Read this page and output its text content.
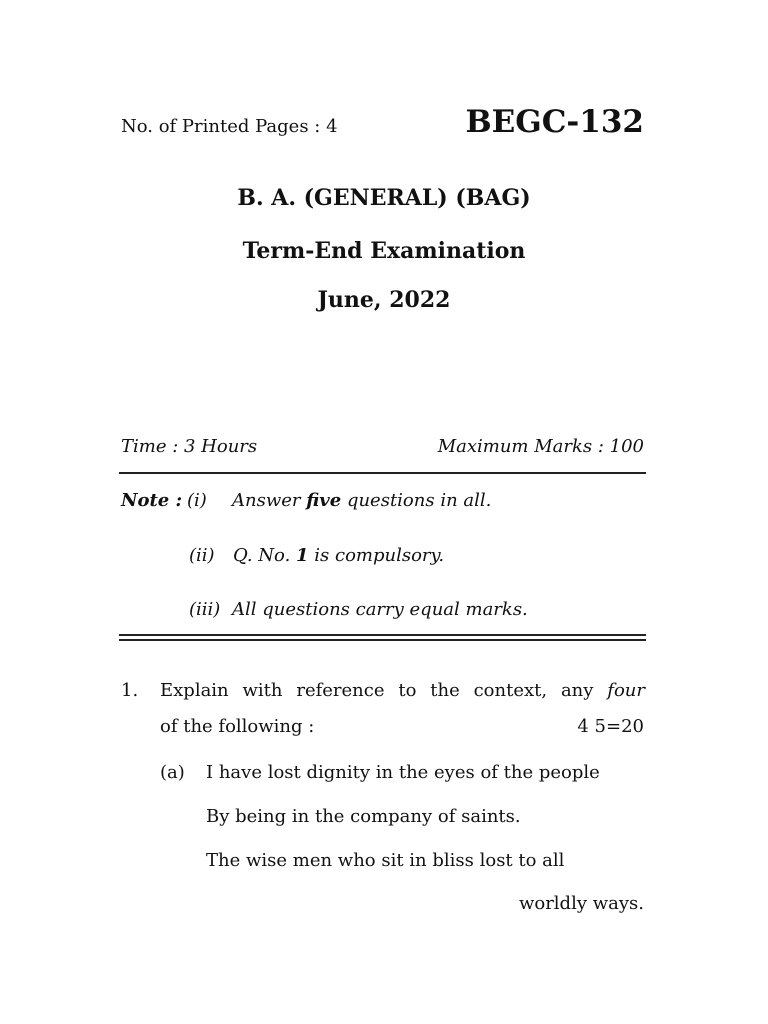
No. of Printed Pages : 4	BEGC-132
B. A. (GENERAL) (BAG)
Term-End Examination
June, 2022
Time : 3 Hours	Maximum Marks : 100
Note : (i) Answer five questions in all.
(ii) Q. No. 1 is compulsory.
(iii) All questions carry equal marks.
1. Explain with reference to the context, any four
of the following :	4 5=20
(a) I have lost dignity in the eyes of the people
By being in the company of saints.
The wise men who sit in bliss lost to all
worldly ways.
